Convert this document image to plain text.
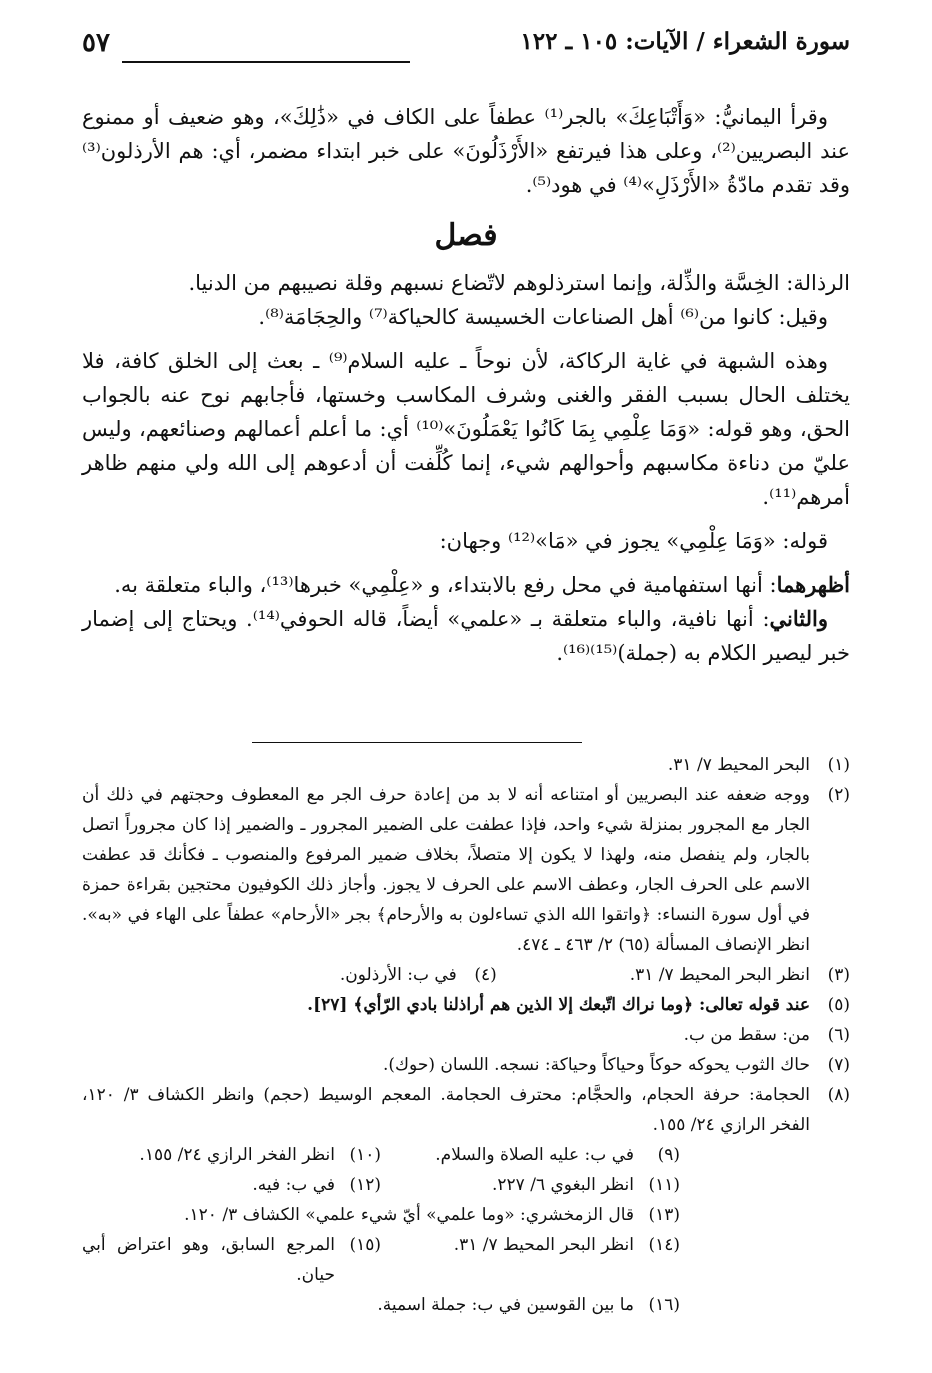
سورة الشعراء / الآيات: ١٠٥ ـ ١٢٢
٥٧

وقرأ اليمانيُّ: «وَأَتْبَاعِكَ» بالجر⁽¹⁾ عطفاً على الكاف في «ذَٰلِكَ»، وهو ضعيف أو ممنوع عند البصريين⁽²⁾، وعلى هذا فيرتفع «الأَرْذَلُونَ» على خبر ابتداء مضمر، أي: هم الأرذلون⁽³⁾ وقد تقدم مادّةُ «الأَرْذَلِ»⁽⁴⁾ في هود⁽⁵⁾.

فصل

الرذالة: الخِسَّة والذِّلة، وإنما استرذلوهم لاتّضاع نسبهم وقلة نصيبهم من الدنيا.

وقيل: كانوا من⁽⁶⁾ أهل الصناعات الخسيسة كالحياكة⁽⁷⁾ والحِجَامَة⁽⁸⁾.

وهذه الشبهة في غاية الركاكة، لأن نوحاً ـ عليه السلام⁽⁹⁾ ـ بعث إلى الخلق كافة، فلا يختلف الحال بسبب الفقر والغنى وشرف المكاسب وخستها، فأجابهم نوح عنه بالجواب الحق، وهو قوله: «وَمَا عِلْمِي بِمَا كَانُوا يَعْمَلُونَ»⁽¹⁰⁾ أي: ما أعلم أعمالهم وصنائعهم، وليس عليّ من دناءة مكاسبهم وأحوالهم شيء، إنما كُلِّفت أن أدعوهم إلى الله ولي منهم ظاهر أمرهم⁽¹¹⁾.

قوله: «وَمَا عِلْمِي» يجوز في «مَا»⁽¹²⁾ وجهان:

أظهرهما: أنها استفهامية في محل رفع بالابتداء، و «عِلْمِي» خبرها⁽¹³⁾، والباء متعلقة به.

والثاني: أنها نافية، والباء متعلقة بـ «علمي» أيضاً، قاله الحوفي⁽¹⁴⁾. ويحتاج إلى إضمار خبر ليصير الكلام به (جملة)⁽¹⁵⁾⁽¹⁶⁾.

(١)
البحر المحيط ٧/ ٣١.
(٢)
ووجه ضعفه عند البصريين أو امتناعه أنه لا بد من إعادة حرف الجر مع المعطوف وحجتهم في ذلك أن الجار مع المجرور بمنزلة شيء واحد، فإذا عطفت على الضمير المجرور ـ والضمير إذا كان مجروراً اتصل بالجار، ولم ينفصل منه، ولهذا لا يكون إلا متصلاً، بخلاف ضمير المرفوع والمنصوب ـ فكأنك قد عطفت الاسم على الحرف الجار، وعطف الاسم على الحرف لا يجوز. وأجاز ذلك الكوفيون محتجين بقراءة حمزة في أول سورة النساء: ﴿واتقوا الله الذي تساءلون به والأرحام﴾ بجر «الأرحام» عطفاً على الهاء في «به». انظر الإنصاف المسألة (٦٥) ٢/ ٤٦٣ ـ ٤٧٤.
(٣)
انظر البحر المحيط ٧/ ٣١.
(٤)
في ب: الأرذلون.
(٥)
عند قوله تعالى: ﴿وما نراك اتّبعك إلا الذين هم أراذلنا بادي الرّأي﴾ [٢٧].
(٦)
من: سقط من ب.
(٧)
حاك الثوب يحوكه حوكاً وحياكاً وحياكة: نسجه. اللسان (حوك).
(٨)
الحجامة: حرفة الحجام، والحجَّام: محترف الحجامة. المعجم الوسيط (حجم) وانظر الكشاف ٣/ ١٢٠، الفخر الرازي ٢٤/ ١٥٥.
(٩)
في ب: عليه الصلاة والسلام.
(١٠)
انظر الفخر الرازي ٢٤/ ١٥٥.
(١١)
انظر البغوي ٦/ ٢٢٧.
(١٢)
في ب: فيه.
(١٣)
قال الزمخشري: «وما علمي» أيّ شيء علمي» الكشاف ٣/ ١٢٠.
(١٤)
انظر البحر المحيط ٧/ ٣١.
(١٥)
المرجع السابق، وهو اعتراض أبي حيان.
(١٦)
ما بين القوسين في ب: جملة اسمية.
